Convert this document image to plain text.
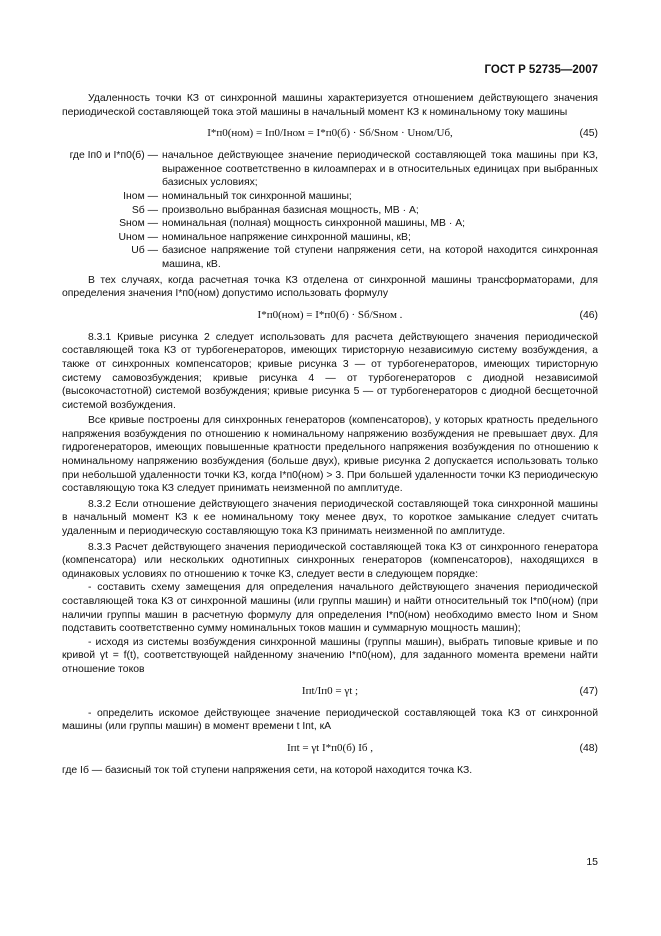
ГОСТ Р 52735—2007

Удаленность точки КЗ от синхронной машины характеризуется отношением действующего значения периодической составляющей тока этой машины в начальный момент КЗ к номинальному току машины

I*п0(ном) = Iп0/Iном = I*п0(б) · Sб/Sном · Uном/Uб,	(45)
где Iп0 и I*п0(б) — начальное действующее значение периодической составляющей тока машины при КЗ, выраженное соответственно в килоамперах и в относительных единицах при выбранных базисных условиях;
Iном — номинальный ток синхронной машины;
Sб — произвольно выбранная базисная мощность, МВ · А;
Sном — номинальная (полная) мощность синхронной машины, МВ · А;
Uном — номинальное напряжение синхронной машины, кВ;
Uб — базисное напряжение той ступени напряжения сети, на которой находится синхронная машина, кВ.

В тех случаях, когда расчетная точка КЗ отделена от синхронной машины трансформаторами, для определения значения I*п0(ном) допустимо использовать формулу

I*п0(ном) = I*п0(б) · Sб/Sном .	(46)

8.3.1 Кривые рисунка 2 следует использовать для расчета действующего значения периодической составляющей тока КЗ от турбогенераторов, имеющих тиристорную независимую систему возбуждения, а также от синхронных компенсаторов; кривые рисунка 3 — от турбогенераторов, имеющих тиристорную систему самовозбуждения; кривые рисунка 4 — от турбогенераторов с диодной независимой (высокочастотной) системой возбуждения; кривые рисунка 5 — от турбогенераторов с диодной бесщеточной системой возбуждения.

Все кривые построены для синхронных генераторов (компенсаторов), у которых кратность предельного напряжения возбуждения по отношению к номинальному напряжению возбуждения не превышает двух. Для гидрогенераторов, имеющих повышенные кратности предельного напряжения возбуждения по отношению к номинальному напряжению возбуждения (больше двух), кривые рисунка 2 допускается использовать только при небольшой удаленности точки КЗ, когда I*п0(ном) > 3. При большей удаленности точки КЗ периодическую составляющую тока КЗ следует принимать неизменной по амплитуде.

8.3.2 Если отношение действующего значения периодической составляющей тока синхронной машины в начальный момент КЗ к ее номинальному току менее двух, то короткое замыкание следует считать удаленным и периодическую составляющую тока КЗ принимать неизменной по амплитуде.

8.3.3 Расчет действующего значения периодической составляющей тока КЗ от синхронного генератора (компенсатора) или нескольких однотипных синхронных генераторов (компенсаторов), находящихся в одинаковых условиях по отношению к точке КЗ, следует вести в следующем порядке:

- составить схему замещения для определения начального действующего значения периодической составляющей тока КЗ от синхронной машины (или группы машин) и найти относительный ток I*п0(ном) (при наличии группы машин в расчетную формулу для определения I*п0(ном) необходимо вместо Iном и Sном подставить соответственно сумму номинальных токов машин и суммарную мощность машин);

- исходя из системы возбуждения синхронной машины (группы машин), выбрать типовые кривые и по кривой γt = f(t), соответствующей найденному значению I*п0(ном), для заданного момента времени найти отношение токов

Iпt/Iп0 = γt ;	(47)

- определить искомое действующее значение периодической составляющей тока КЗ от синхронной машины (или группы машин) в момент времени t Iпt, кА

Iпt = γt I*п0(б) Iб ,	(48)

где Iб — базисный ток той ступени напряжения сети, на которой находится точка КЗ.

15
